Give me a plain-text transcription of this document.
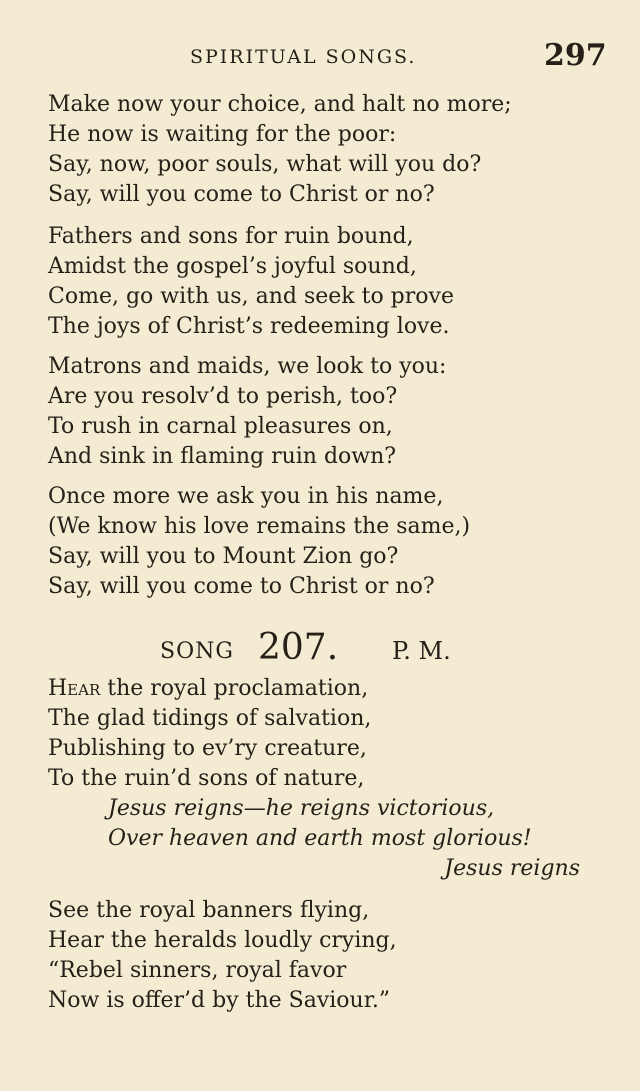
SPIRITUAL SONGS.	297
Make now your choice, and halt no more;
He now is waiting for the poor:
Say, now, poor souls, what will you do?
Say, will you come to Christ or no?
Fathers and sons for ruin bound,
Amidst the gospel’s joyful sound,
Come, go with us, and seek to prove
The joys of Christ’s redeeming love.
Matrons and maids, we look to you:
Are you resolv’d to perish, too?
To rush in carnal pleasures on,
And sink in flaming ruin down?
Once more we ask you in his name,
(We know his love remains the same,)
Say, will you to Mount Zion go?
Say, will you come to Christ or no?
SONG 207. P. M.
Hear the royal proclamation,
The glad tidings of salvation,
Publishing to ev’ry creature,
To the ruin’d sons of nature,
Jesus reigns—he reigns victorious,
Over heaven and earth most glorious!
Jesus reigns
See the royal banners flying,
Hear the heralds loudly crying,
“Rebel sinners, royal favor
Now is offer’d by the Saviour.”
